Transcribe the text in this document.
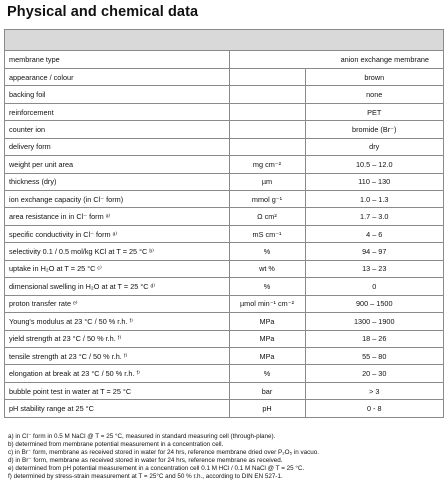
Physical and chemical data
membrane type		anion exchange membrane
appearance / colour		brown
backing foil		none
reinforcement		PET
counter ion		bromide (Br⁻)
delivery form		dry
weight per unit area	mg cm⁻²	10.5 – 12.0
thickness (dry)	µm	110 – 130
ion exchange capacity (in Cl⁻ form)	mmol g⁻¹	1.0 – 1.3
area resistance in in Cl⁻ form ᵃ⁾	Ω cm²	1.7 – 3.0
specific conductivity in Cl⁻ form ᵃ⁾	mS cm⁻¹	4 – 6
selectivity 0.1 / 0.5 mol/kg KCl at T = 25 °C ᵇ⁾	%	94 – 97
uptake in H₂O at T = 25 °C ᶜ⁾	wt %	13 – 23
dimensional swelling in H₂O at at T = 25 °C ᵈ⁾	%	0
proton transfer rate ᵉ⁾	µmol min⁻¹ cm⁻²	900 – 1500
Young's modulus at 23 °C / 50 % r.h. ᶠ⁾	MPa	1300 – 1900
yield strength at 23 °C / 50 % r.h. ᶠ⁾	MPa	18 – 26
tensile strength at 23 °C / 50 % r.h. ᶠ⁾	MPa	55 – 80
elongation at break at 23 °C / 50 % r.h. ᶠ⁾	%	20 – 30
bubble point test in water at T = 25 °C	bar	> 3
pH stability range at 25 °C	pH	0 - 8
a) in Cl⁻ form in 0.5 M NaCl @ T = 25 °C, measured in standard measuring cell (through-plane).
b) determined from membrane potential measurement in a concentration cell.
c) in Br⁻ form, membrane as received stored in water for 24 hrs, reference membrane dried over P₂O₅ in vacuo.
d) in Br⁻ form, membrane as received stored in water for 24 hrs, reference membrane as received.
e) determined from pH potential measurement in a concentration cell 0.1 M HCl / 0.1 M NaCl @ T = 25 °C.
f) determined by stress-strain measurement at T = 25°C and 50 % r.h., according to DIN EN 527-1.
